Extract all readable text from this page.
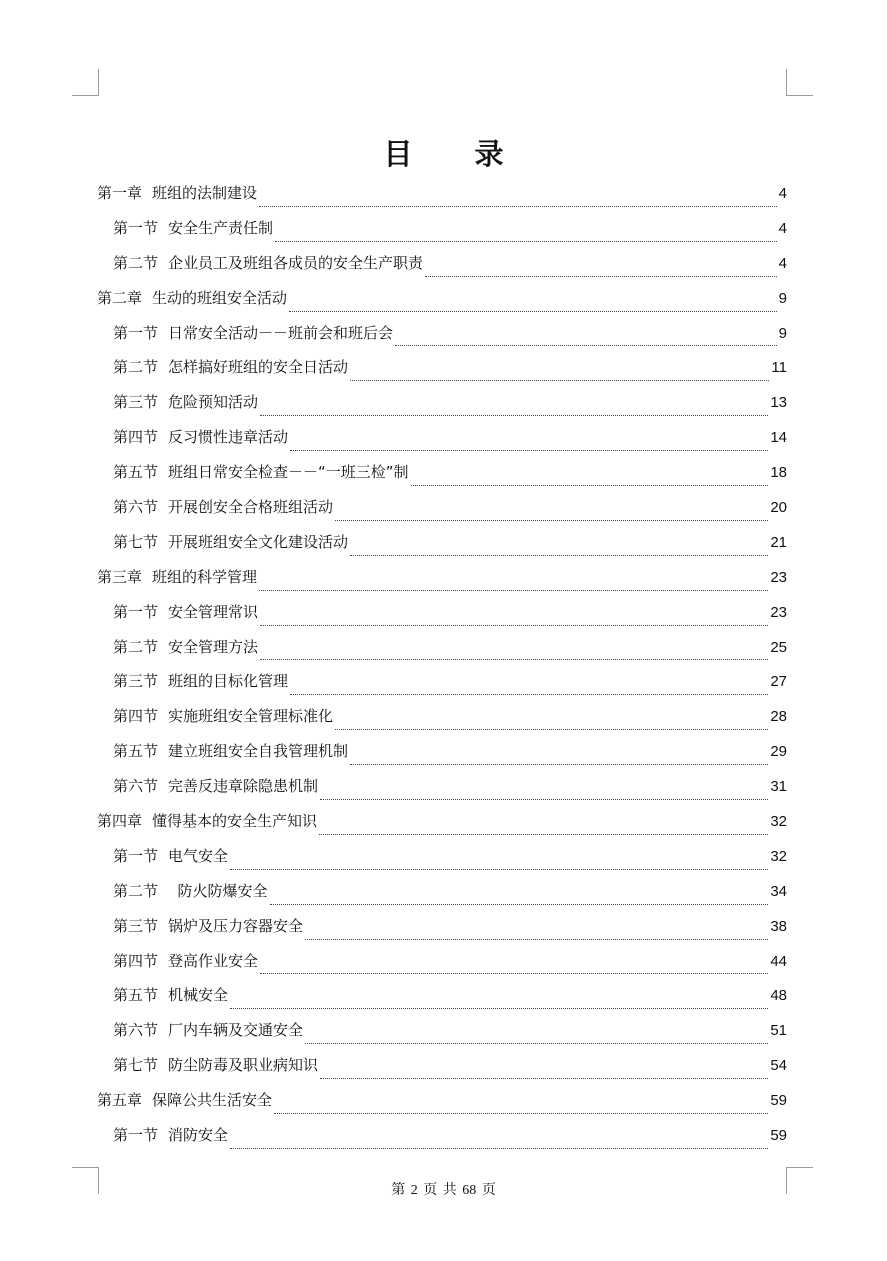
目 录
第一章 班组的法制建设	4
第一节 安全生产责任制	4
第二节 企业员工及班组各成员的安全生产职责	4
第二章 生动的班组安全活动	9
第一节 日常安全活动－－班前会和班后会	9
第二节 怎样搞好班组的安全日活动	11
第三节 危险预知活动	13
第四节 反习惯性违章活动	14
第五节 班组日常安全检查－－“一班三检”制	18
第六节 开展创安全合格班组活动	20
第七节 开展班组安全文化建设活动	21
第三章 班组的科学管理	23
第一节 安全管理常识	23
第二节 安全管理方法	25
第三节 班组的目标化管理	27
第四节 实施班组安全管理标准化	28
第五节 建立班组安全自我管理机制	29
第六节 完善反违章除隐患机制	31
第四章 懂得基本的安全生产知识	32
第一节 电气安全	32
第二节 防火防爆安全	34
第三节 锅炉及压力容器安全	38
第四节 登高作业安全	44
第五节 机械安全	48
第六节 厂内车辆及交通安全	51
第七节 防尘防毒及职业病知识	54
第五章 保障公共生活安全	59
第一节 消防安全	59
第 2 页 共 68 页
